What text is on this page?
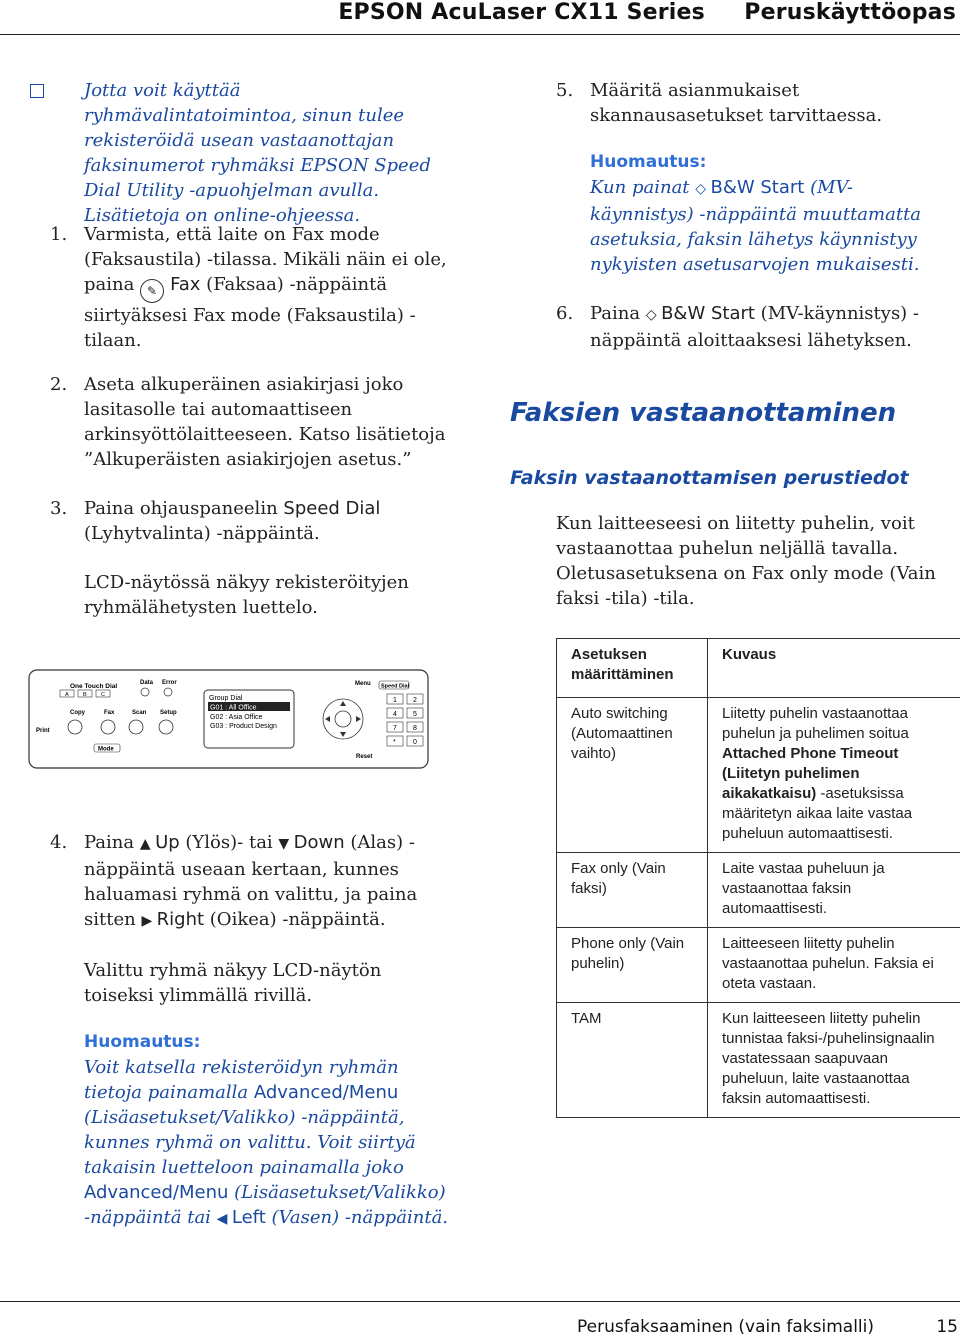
EPSON AcuLaser CX11 Series     Peruskäyttöopas
Jotta voit käyttää ryhmävalintatoimintoa, sinun tulee rekisteröidä usean vastaanottajan faksinumerot ryhmäksi EPSON Speed Dial Utility -apuohjelman avulla. Lisätietoja on online-ohjeessa.
1. Varmista, että laite on Fax mode (Faksaustila) -tilassa. Mikäli näin ei ole, paina ✎ Fax (Faksaa) -näppäintä siirtyäksesi Fax mode (Faksaustila) -tilaan.
2. Aseta alkuperäinen asiakirjasi joko lasitasolle tai automaattiseen arkinsyöttölaitteeseen. Katso lisätietoja ”Alkuperäisten asiakirjojen asetus.”
3. Paina ohjauspaneelin Speed Dial (Lyhytvalinta) -näppäintä.
LCD-näytössä näkyy rekisteröityjen ryhmälähetysten luettelo.
One Touch Dial
A	B	C
Data Error
Copy	Fax	Scan Setup
Print
Mode
Group Dial
G01 : All Office
G02 : Asia Office
G03 : Product Design
Menu
Reset
Speed Dial
1 2
4 5
7 8
* 0
4. Paina ▲ Up (Ylös)- tai ▼ Down (Alas) -näppäintä useaan kertaan, kunnes haluamasi ryhmä on valittu, ja paina sitten ▶ Right (Oikea) -näppäintä.
Valittu ryhmä näkyy LCD-näytön toiseksi ylimmällä rivillä.
Huomautus:
Voit katsella rekisteröidyn ryhmän tietoja painamalla Advanced/Menu (Lisäasetukset/Valikko) -näppäintä, kunnes ryhmä on valittu. Voit siirtyä takaisin luetteloon painamalla joko Advanced/Menu (Lisäasetukset/Valikko) -näppäintä tai ◀ Left (Vasen) -näppäintä.
5. Määritä asianmukaiset skannausasetukset tarvittaessa.
Huomautus:
Kun painat ◇ B&W Start (MV-käynnistys) -näppäintä muuttamatta asetuksia, faksin lähetys käynnistyy nykyisten asetusarvojen mukaisesti.
6. Paina ◇ B&W Start (MV-käynnistys) -näppäintä aloittaaksesi lähetyksen.
Faksien vastaanottaminen
Faksin vastaanottamisen perustiedot
Kun laitteeseesi on liitetty puhelin, voit vastaanottaa puhelun neljällä tavalla. Oletusasetuksena on Fax only mode (Vain faksi -tila) -tila.
Asetuksen määrittäminen	Kuvaus
Auto switching (Automaattinen vaihto)	Liitetty puhelin vastaanottaa puhelun ja puhelimen soitua Attached Phone Timeout (Liitetyn puhelimen aikakatkaisu) -asetuksissa määritetyn aikaa laite vastaa puheluun automaattisesti.
Fax only (Vain faksi)	Laite vastaa puheluun ja vastaanottaa faksin automaattisesti.
Phone only (Vain puhelin)	Laitteeseen liitetty puhelin vastaanottaa puhelun. Faksia ei oteta vastaan.
TAM	Kun laitteeseen liitetty puhelin tunnistaa faksi-/puhelinsignaalin vastatessaan saapuvaan puheluun, laite vastaanottaa faksin automaattisesti.
Perusfaksaaminen (vain faksimalli)	15
